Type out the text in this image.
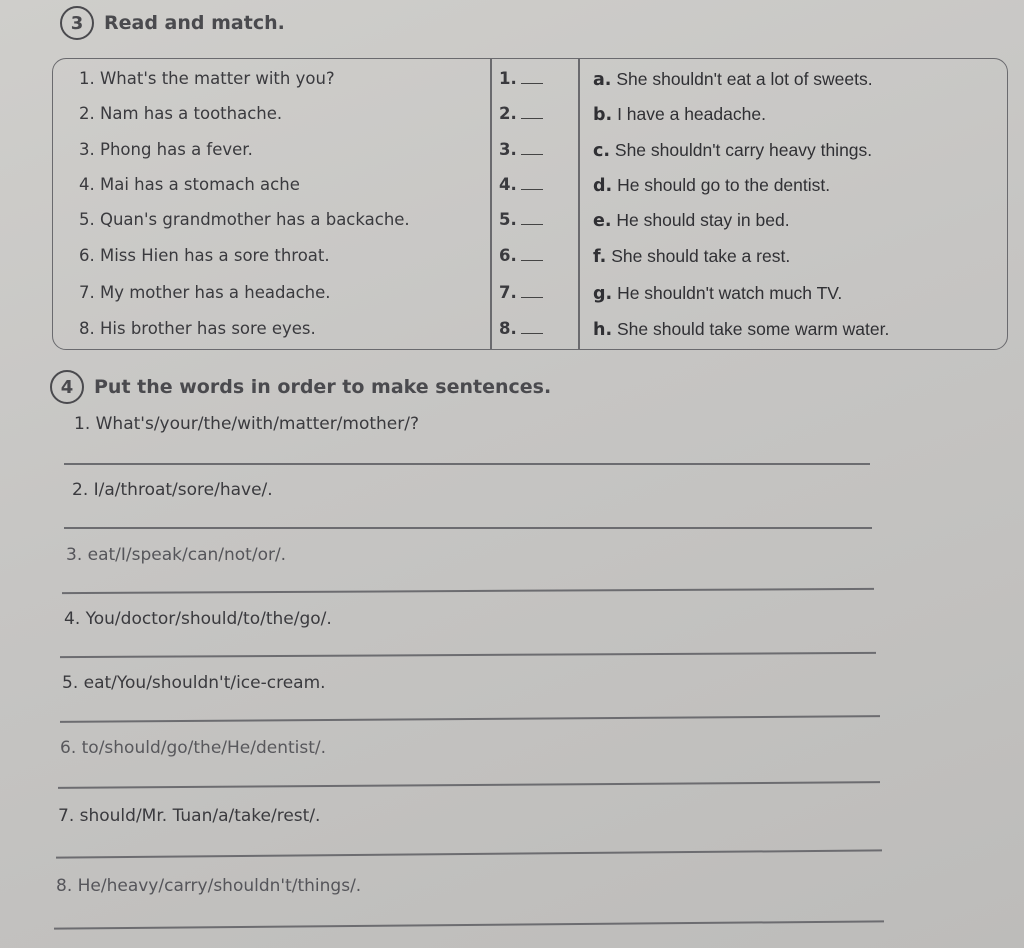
3	Read and match.
1. What's the matter with you?	1.	a. She shouldn't eat a lot of sweets.
2. Nam has a toothache.	2.	b. I have a headache.
3. Phong has a fever.	3.	c. She shouldn't carry heavy things.
4. Mai has a stomach ache	4.	d. He should go to the dentist.
5. Quan's grandmother has a backache.	5.	e. He should stay in bed.
6. Miss Hien has a sore throat.	6.	f. She should take a rest.
7. My mother has a headache.	7.	g. He shouldn't watch much TV.
8. His brother has sore eyes.	8.	h. She should take some warm water.
4	Put the words in order to make sentences.
1. What's/your/the/with/matter/mother/?
2. I/a/throat/sore/have/.
3. eat/I/speak/can/not/or/.
4. You/doctor/should/to/the/go/.
5. eat/You/shouldn't/ice-cream.
6. to/should/go/the/He/dentist/.
7. should/Mr. Tuan/a/take/rest/.
8. He/heavy/carry/shouldn't/things/.
